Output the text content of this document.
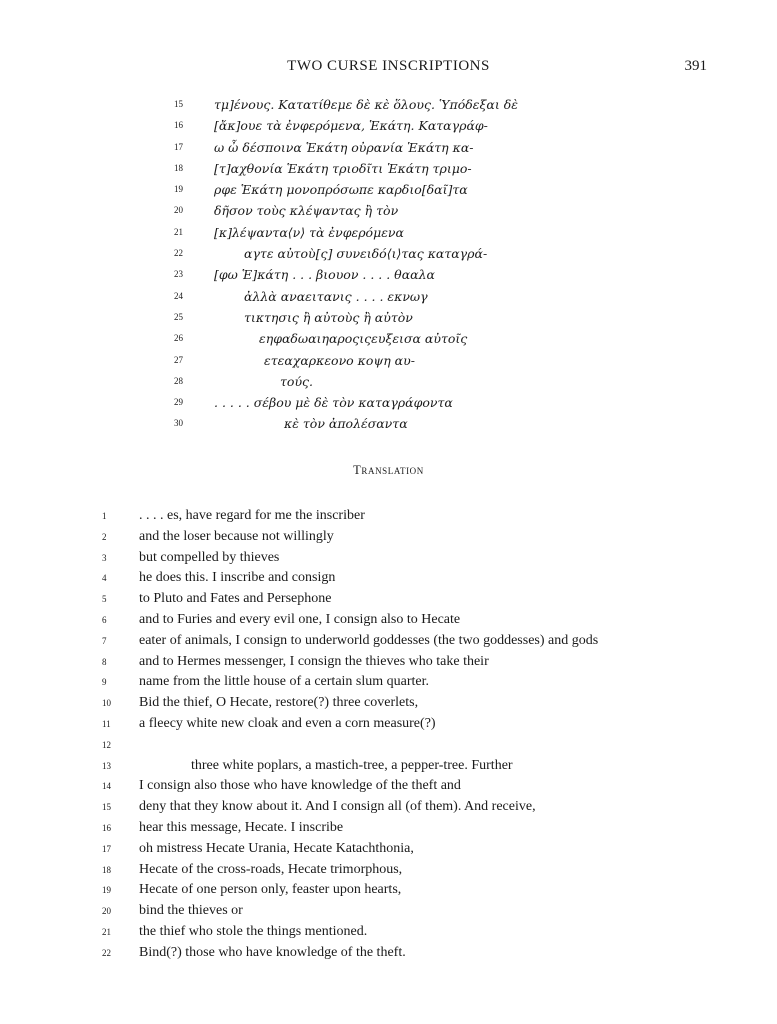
TWO CURSE INSCRIPTIONS	391
15	τμ]ένους. Κατατίθεμε δὲ κὲ ὅλους. Ὑπόδεξαι δὲ
16	[ἄκ]ουε τὰ ἐνφερόμενα, Ἑκάτη. Καταγράφ-
17	ω ὦ δέσποινα Ἑκάτη οὐρανία Ἑκάτη κα-
18	[τ]αχθονία Ἑκάτη τριοδῖτι Ἑκάτη τριμο-
19	ρφε Ἑκάτη μονοπρόσωπε καρδιο[δαῖ]τα
20	δῆσον τοὺς κλέψαντας ἢ τὸν
21	[κ]λέψαντα⟨ν⟩ τὰ ἐνφερόμενα
22	αγτε αὐτοὺ[ς] συνειδό⟨ι⟩τας καταγρά-
23	[φω Ἑ]κάτη . . . βιουον . . . . θααλα
24	ἀλλὰ αναειτανις . . . . εκνωγ
25	τικτησις ἢ αὐτοὺς ἢ αὐτὸν
26	εηφαδωαιηαροςιςευξεισα αὐτοῖς
27	ετεαχαρκεονο κοψη αυ-
28	τούς.
29	. . . . . σέβου μὲ δὲ τὸν καταγράφοντα
30	κὲ τὸν ἀπολέσαντα
Translation
1	. . . . es, have regard for me the inscriber
2	and the loser because not willingly
3	but compelled by thieves
4	he does this. I inscribe and consign
5	to Pluto and Fates and Persephone
6	and to Furies and every evil one, I consign also to Hecate
7	eater of animals, I consign to underworld goddesses (the two goddesses) and gods
8	and to Hermes messenger, I consign the thieves who take their
9	name from the little house of a certain slum quarter.
10	Bid the thief, O Hecate, restore(?) three coverlets,
11	a fleecy white new cloak and even a corn measure(?)
12
13	three white poplars, a mastich-tree, a pepper-tree. Further
14	I consign also those who have knowledge of the theft and
15	deny that they know about it. And I consign all (of them). And receive,
16	hear this message, Hecate. I inscribe
17	oh mistress Hecate Urania, Hecate Katachthonia,
18	Hecate of the cross-roads, Hecate trimorphous,
19	Hecate of one person only, feaster upon hearts,
20	bind the thieves or
21	the thief who stole the things mentioned.
22	Bind(?) those who have knowledge of the theft.
